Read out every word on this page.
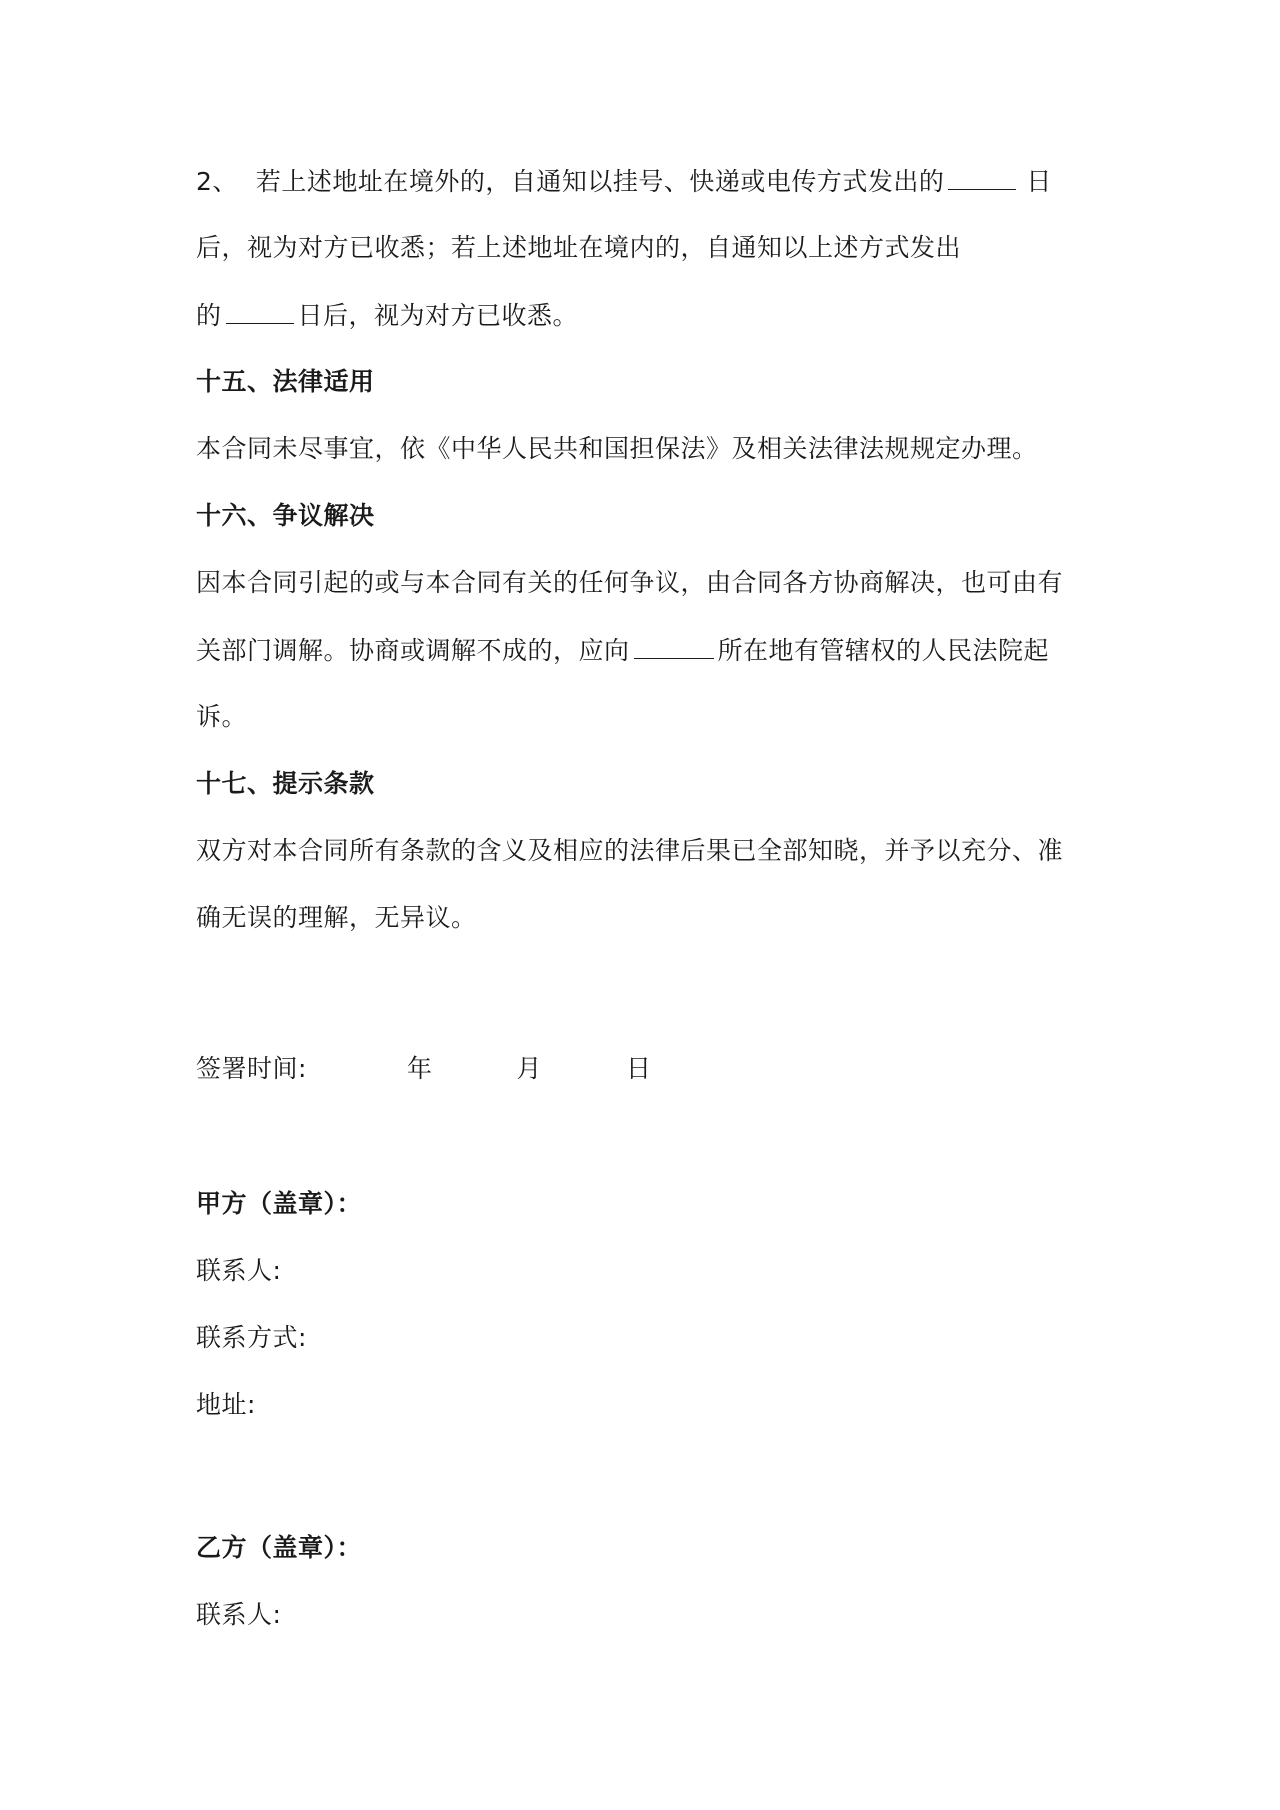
2、 若上述地址在境外的，自通知以挂号、快递或电传方式发出的	日
后，视为对方已收悉；若上述地址在境内的，自通知以上述方式发出
的	日后，视为对方已收悉。
十五、法律适用
本合同未尽事宜，依《中华人民共和国担保法》及相关法律法规规定办理。
十六、争议解决
因本合同引起的或与本合同有关的任何争议，由合同各方协商解决，也可由有
关部门调解。协商或调解不成的，应向	所在地有管辖权的人民法院起
诉。
十七、提示条款
双方对本合同所有条款的含义及相应的法律后果已全部知晓，并予以充分、准
确无误的理解，无异议。
签署时间:	年	月	日
甲方（盖章）：
联系人:
联系方式:
地址:
乙方（盖章）：
联系人:
